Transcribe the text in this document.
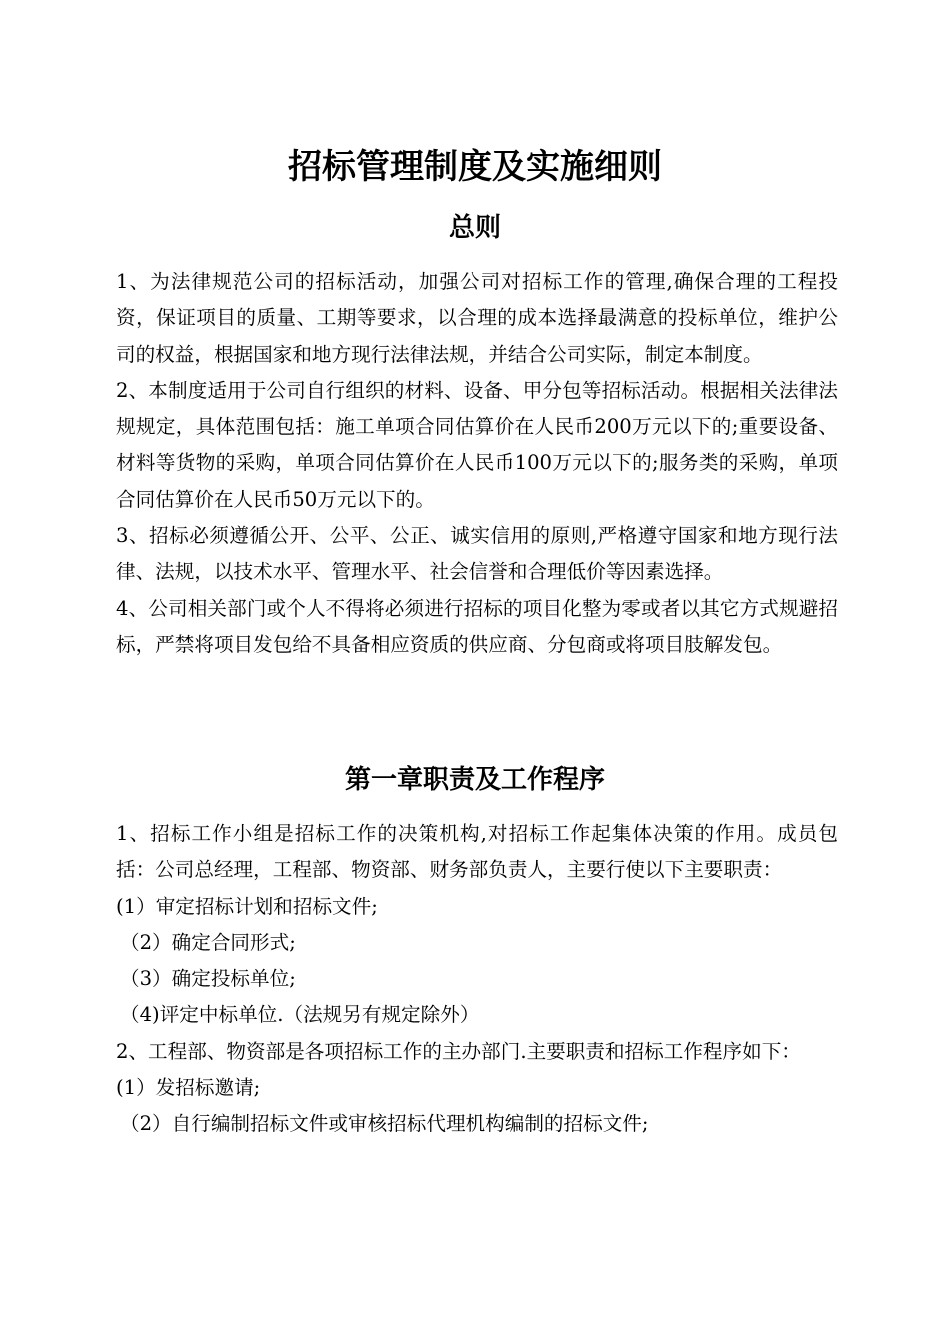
招标管理制度及实施细则
总则

1、为法律规范公司的招标活动，加强公司对招标工作的管理,确保合理的工程投资，保证项目的质量、工期等要求，以合理的成本选择最满意的投标单位，维护公司的权益，根据国家和地方现行法律法规，并结合公司实际，制定本制度。

2、本制度适用于公司自行组织的材料、设备、甲分包等招标活动。根据相关法律法规规定，具体范围包括：施工单项合同估算价在人民币200万元以下的;重要设备、材料等货物的采购，单项合同估算价在人民币100万元以下的;服务类的采购，单项合同估算价在人民币50万元以下的。

3、招标必须遵循公开、公平、公正、诚实信用的原则,严格遵守国家和地方现行法律、法规，以技术水平、管理水平、社会信誉和合理低价等因素选择。

4、公司相关部门或个人不得将必须进行招标的项目化整为零或者以其它方式规避招标，严禁将项目发包给不具备相应资质的供应商、分包商或将项目肢解发包。

第一章职责及工作程序

1、招标工作小组是招标工作的决策机构,对招标工作起集体决策的作用。成员包括：公司总经理，工程部、物资部、财务部负责人，主要行使以下主要职责：

(1）审定招标计划和招标文件;

（2）确定合同形式;

（3）确定投标单位;

（4)评定中标单位.（法规另有规定除外）

2、工程部、物资部是各项招标工作的主办部门.主要职责和招标工作程序如下：

(1）发招标邀请;

（2）自行编制招标文件或审核招标代理机构编制的招标文件;
